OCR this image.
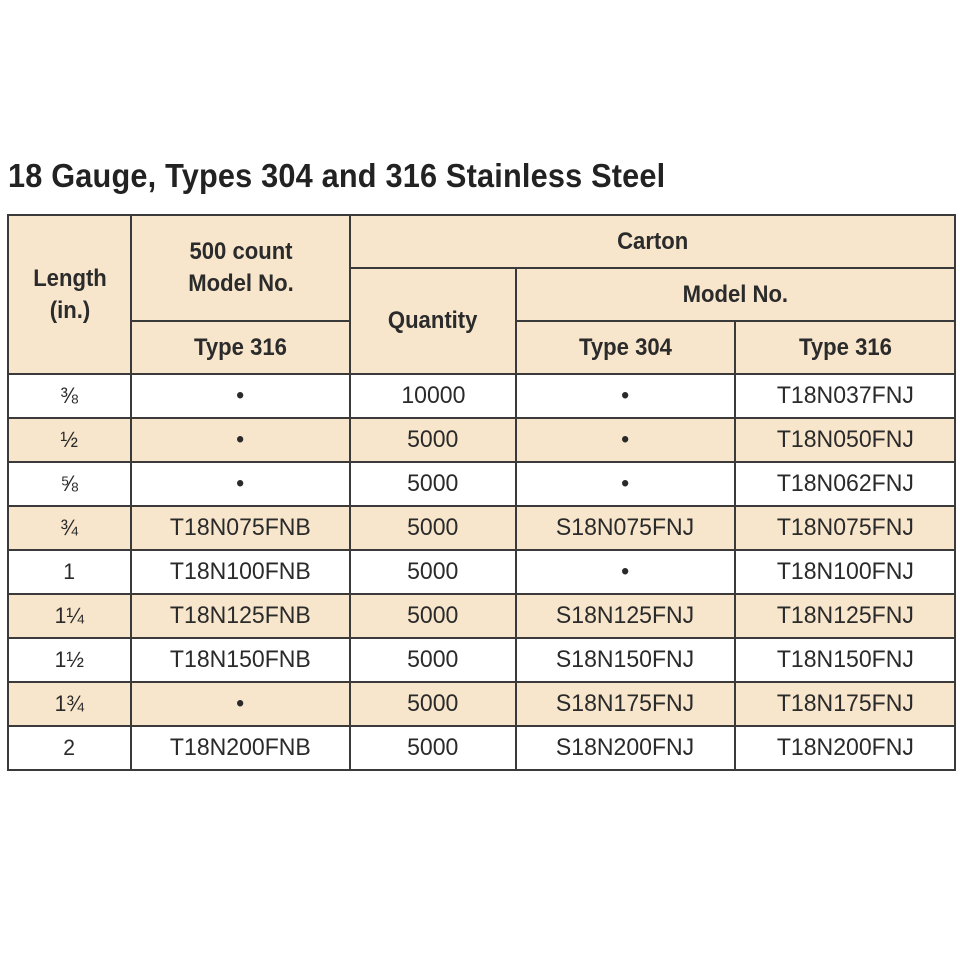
18 Gauge, Types 304 and 316 Stainless Steel
Length (in.)	500 count Model No.	Carton		
		Quantity	Model No.	
	Type 316		Type 304	Type 316
⅜	•	10000	•	T18N037FNJ
½	•	5000	•	T18N050FNJ
⅝	•	5000	•	T18N062FNJ
¾	T18N075FNB	5000	S18N075FNJ	T18N075FNJ
1	T18N100FNB	5000	•	T18N100FNJ
1¼	T18N125FNB	5000	S18N125FNJ	T18N125FNJ
1½	T18N150FNB	5000	S18N150FNJ	T18N150FNJ
1¾	•	5000	S18N175FNJ	T18N175FNJ
2	T18N200FNB	5000	S18N200FNJ	T18N200FNJ
